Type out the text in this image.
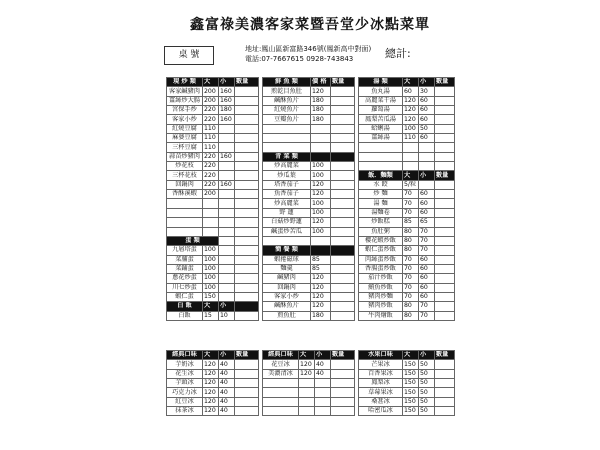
鑫富祿美濃客家菜暨吾堂少冰點菜單
桌 號
地址:鳳山區新富路346號(鳳新高中對面)
電話:07-7667615 0928-743843	總計:
現 炒 類	大	小	數量
客家鹹豬肉	200	160	
薑絲炒大腸	200	160	
宮保手炒	220	180	
客家小炒	220	160	
紅燒豆腐	110		
麻婆豆腐	110		
三杯豆腐	110		
蒜苗炒豬肉	220	160	
炒花枝	220		
三杯花枝	220		
回鍋肉	220	160	
香酥溪蝦	200		

蛋 類			
九層塔蛋	100		
菜脯蛋	100		
菜鋪蛋	100		
蔥花炒蛋	100		
川七炒蛋	100		
蝦仁蛋	150		
白 飯	大	小	
白飯	15	10	
鮮 魚 類	價 格	數量
煎乾目魚肚	120	
鹹酥魚片	180	
紅燒魚片	180	
豆瓣魚片	180	

青 菜 類		
炒高麗菜	100	
炒瓜葉	100	
塔香茄子	120	
魚香茄子	120	
炒高麗菜	100	
野 蓮	100	
白菇炒野蓮	120	
鹹蛋炒苦瓜	100	

簡 餐 類		
蝦捲磁球	85	
麵羹	85	
鹹豬肉	120	
回鍋肉	120	
客家小炒	120	
鹹酥魚片	120	
煎魚肚	180	
湯 類	大	小	數量
魚丸湯	60	30	
高麗菜干湯	120	60	
蘿蔔湯	120	60	
鳳梨苦瓜湯	120	60	
蛤蜊湯	100	50	
薑絲湯	110	60	

飯．麵類	大	小	數量
水 餃	5/粒		
炒 麵	70	60	
湯 麵	70	60	
湯麵卷	70	60	
炒飯糕	85	65	
魚肚粥	80	70	
櫻花蝦炒飯	80	70	
蝦仁蛋炒飯	80	70	
肉絲蛋炒飯	70	60	
香腸蛋炒飯	70	60	
茄汁炒飯	70	60	
鮪魚炒飯	70	60	
豬肉炒麵	70	60	
豬肉炒飯	80	70	
牛肉燴飯	80	70	
經典口味	大	小	數量
芋奶冰	120	40	
花生冰	120	40	
芋頭冰	120	40	
巧克力冰	120	40	
紅豆冰	120	40	
抹茶冰	120	40	
經典口味	大	小	數量
花豆冰	120	40	
美濃清冰	120	40	

水果口味	大	小	數量
芒果冰	150	50	
百香果冰	150	50	
鳳梨冰	150	50	
草莓果冰	150	50	
桑葚冰	150	50	
哈密瓜冰	150	50	
